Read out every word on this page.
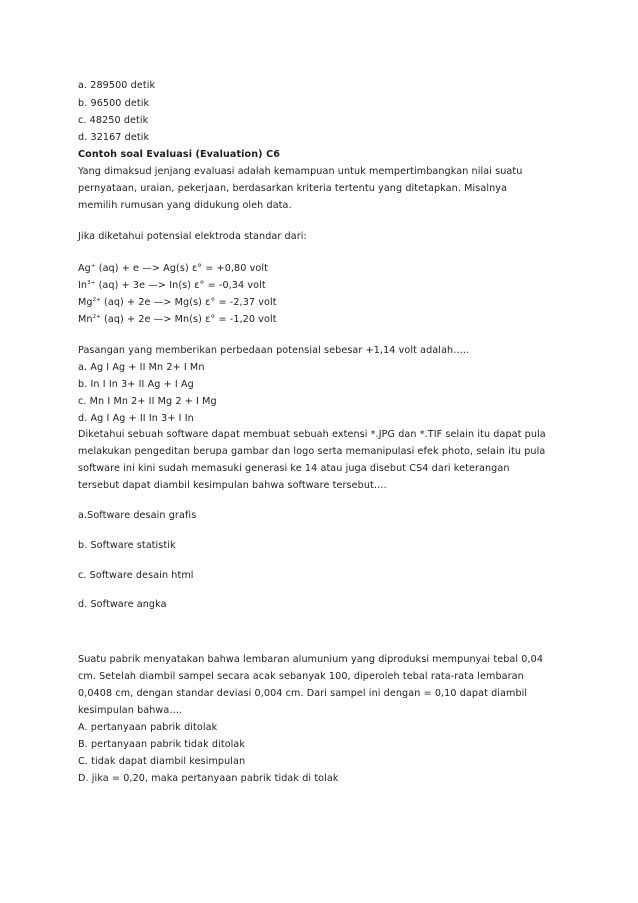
a. 289500 detik
b. 96500 detik
c. 48250 detik
d. 32167 detik
Contoh soal Evaluasi (Evaluation) C6
Yang dimaksud jenjang evaluasi adalah kemampuan untuk mempertimbangkan nilai suatu
pernyataan, uraian, pekerjaan, berdasarkan kriteria tertentu yang ditetapkan. Misalnya
memilih rumusan yang didukung oleh data.
Jika diketahui potensial elektroda standar dari:
Ag+ (aq) + e —> Ag(s) ε° = +0,80 volt
$In^{3+}$ (aq) + 3e —> In(s) ε° = -0,34 volt
$Mg^{2+}$ (aq) + 2e —> Mg(s) ε° = -2,37 volt
$Mn^{2+}$ (aq) + 2e —> Mn(s) ε° = -1,20 volt
Pasangan yang memberikan perbedaan potensial sebesar +1,14 volt adalah…..
a. Ag I Ag + II Mn 2+ I Mn
b. In I In 3+ II Ag + I Ag
c. Mn I Mn 2+ II Mg 2 + I Mg
d. Ag I Ag + II In 3+ I In
Diketahui sebuah software dapat membuat sebuah extensi *.JPG dan *.TIF selain itu dapat pula
melakukan pengeditan berupa gambar dan logo serta memanipulasi efek photo, selain itu pula
software ini kini sudah memasuki generasi ke 14 atau juga disebut CS4 dari keterangan
tersebut dapat diambil kesimpulan bahwa software tersebut….
a.Software desain grafis
b. Software statistik
c. Software desain html
d. Software angka
Suatu pabrik menyatakan bahwa lembaran alumunium yang diproduksi mempunyai tebal 0,04
cm. Setelah diambil sampel secara acak sebanyak 100, diperoleh tebal rata-rata lembaran
0,0408 cm, dengan standar deviasi 0,004 cm. Dari sampel ini dengan = 0,10 dapat diambil
kesimpulan bahwa….
A. pertanyaan pabrik ditolak
B. pertanyaan pabrik tidak ditolak
C. tidak dapat diambil kesimpulan
D. jika = 0,20, maka pertanyaan pabrik tidak di tolak
